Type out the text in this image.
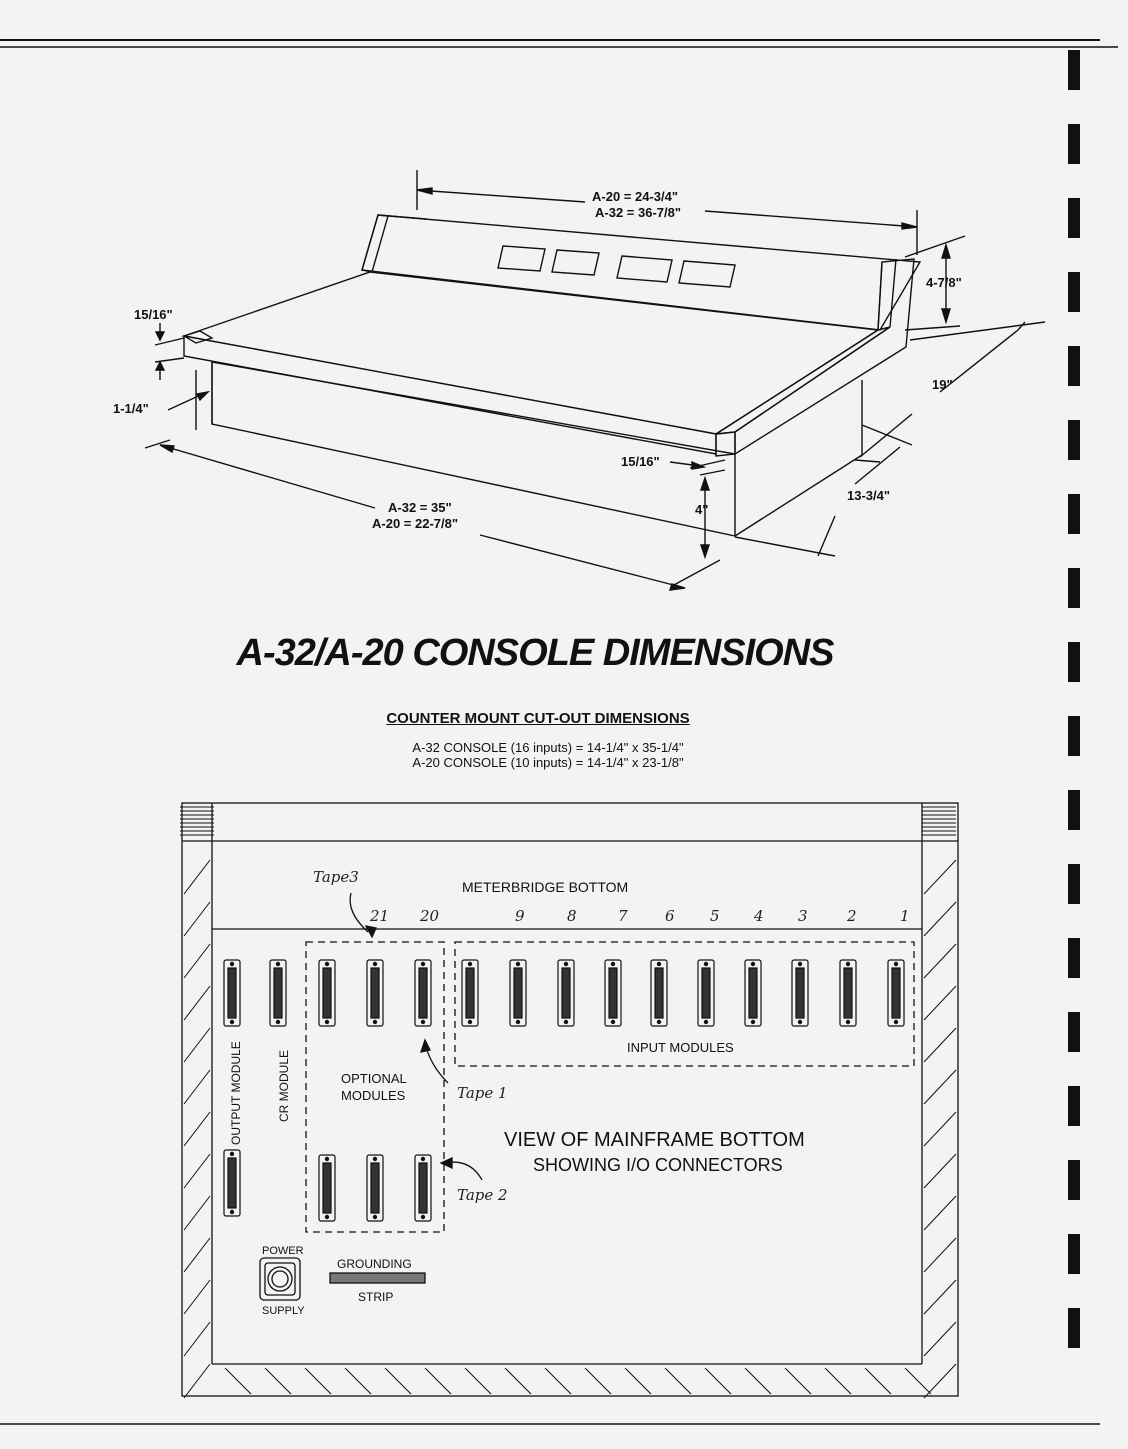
A-20 = 24-3/4"
A-32 = 36-7/8"
15/16"
1-1/4"
4-7/8"
19"
15/16"
4"
13-3/4"
A-32 = 35"
A-20 = 22-7/8"
METERBRIDGE BOTTOM
INPUT MODULES
OPTIONAL
MODULES
OUTPUT MODULE	CR MODULE
VIEW OF MAINFRAME BOTTOM
SHOWING I/O CONNECTORS
POWER
SUPPLY
GROUNDING
STRIP
Tape3
Tape 1
Tape 2
21 20	9	8	7 6 5 4 3	2	1
A-32/A-20 CONSOLE DIMENSIONS
COUNTER MOUNT CUT-OUT DIMENSIONS
A-32 CONSOLE (16 inputs) = 14-1/4" x 35-1/4"
A-20 CONSOLE (10 inputs) = 14-1/4" x 23-1/8"
